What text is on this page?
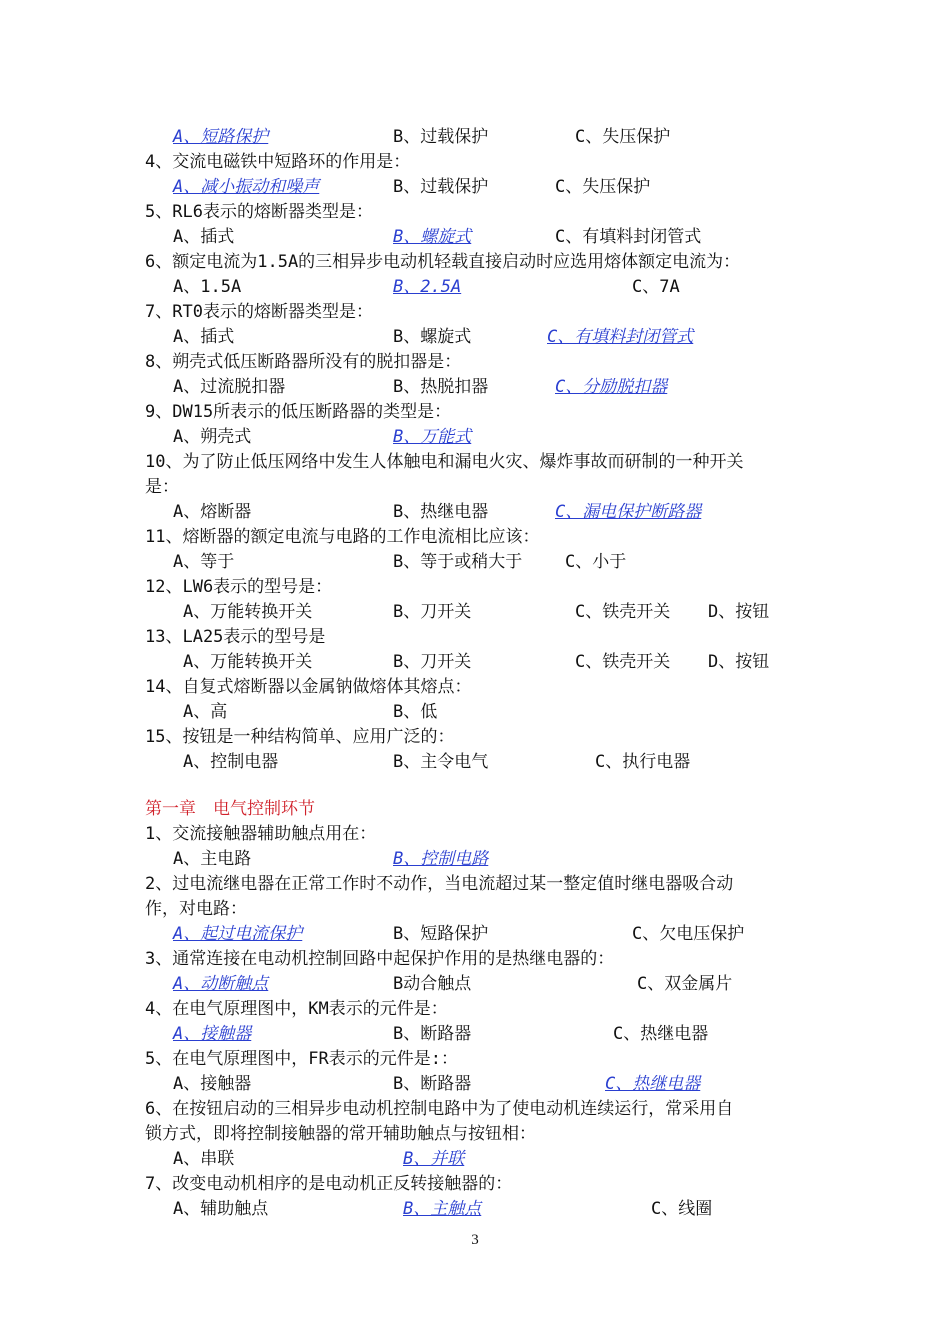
A、短路保护	B、过载保护	C、失压保护
4、交流电磁铁中短路环的作用是：
A、减小振动和噪声	B、过载保护	C、失压保护
5、RL6表示的熔断器类型是：
A、插式	B、螺旋式	C、有填料封闭管式
6、额定电流为1.5A的三相异步电动机轻载直接启动时应选用熔体额定电流为：
A、1.5A	B、2.5A	C、7A
7、RT0表示的熔断器类型是：
A、插式	B、螺旋式	C、有填料封闭管式
8、朔壳式低压断路器所没有的脱扣器是：
A、过流脱扣器	B、热脱扣器	C、分励脱扣器
9、DW15所表示的低压断路器的类型是：
A、朔壳式	B、万能式
10、为了防止低压网络中发生人体触电和漏电火灾、爆炸事故而研制的一种开关
是：
A、熔断器	B、热继电器	C、漏电保护断路器
11、熔断器的额定电流与电路的工作电流相比应该：
A、等于	B、等于或稍大于	C、小于
12、LW6表示的型号是：
A、万能转换开关	B、刀开关	C、铁壳开关 D、按钮
13、LA25表示的型号是
A、万能转换开关	B、刀开关	C、铁壳开关 D、按钮
14、自复式熔断器以金属钠做熔体其熔点：
A、高	B、低
15、按钮是一种结构简单、应用广泛的：
A、控制电器	B、主令电气	C、执行电器
第一章　电气控制环节
1、交流接触器辅助触点用在：
A、主电路	B、控制电路
2、过电流继电器在正常工作时不动作，当电流超过某一整定值时继电器吸合动
作，对电路：
A、起过电流保护	B、短路保护	C、欠电压保护
3、通常连接在电动机控制回路中起保护作用的是热继电器的：
A、动断触点	B动合触点	C、双金属片
4、在电气原理图中，KM表示的元件是：
A、接触器	B、断路器	C、热继电器
5、在电气原理图中，FR表示的元件是:：
A、接触器	B、断路器	C、热继电器
6、在按钮启动的三相异步电动机控制电路中为了使电动机连续运行，常采用自
锁方式，即将控制接触器的常开辅助触点与按钮相：
A、串联	B、并联
7、改变电动机相序的是电动机正反转接触器的：
A、辅助触点	B、主触点	C、线圈
3
